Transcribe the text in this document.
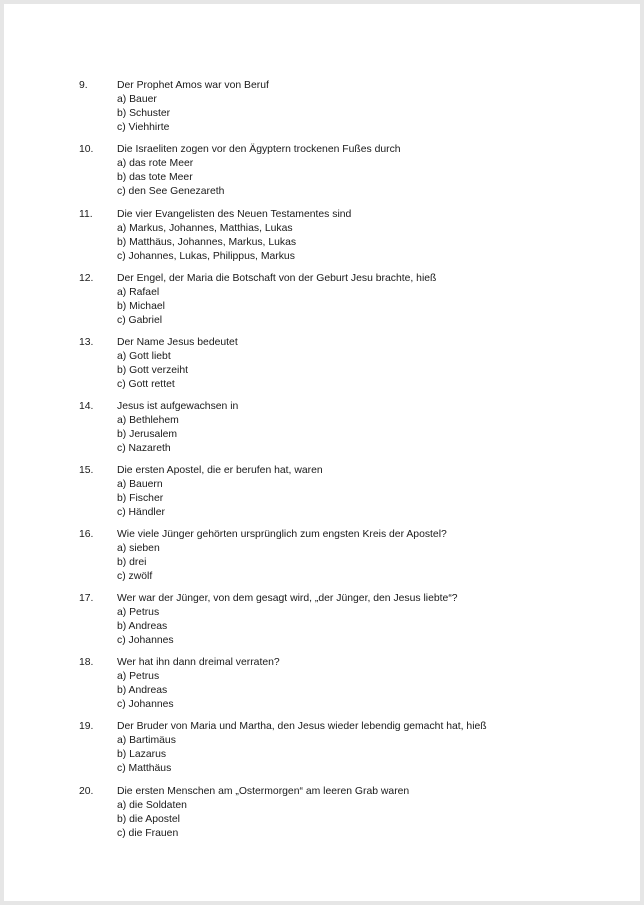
9.	Der Prophet Amos war von Beruf
a) Bauer
b) Schuster
c) Viehhirte
10. Die Israeliten zogen vor den Ägyptern trockenen Fußes durch
a) das rote Meer
b) das tote Meer
c) den See Genezareth
11. Die vier Evangelisten des Neuen Testamentes sind
a) Markus, Johannes, Matthias, Lukas
b) Matthäus, Johannes, Markus, Lukas
c) Johannes, Lukas, Philippus, Markus
12. Der Engel, der Maria die Botschaft von der Geburt Jesu brachte, hieß
a) Rafael
b) Michael
c) Gabriel
13. Der Name Jesus bedeutet
a) Gott liebt
b) Gott verzeiht
c) Gott rettet
14. Jesus ist aufgewachsen in
a) Bethlehem
b) Jerusalem
c) Nazareth
15. Die ersten Apostel, die er berufen hat, waren
a) Bauern
b) Fischer
c) Händler
16. Wie viele Jünger gehörten ursprünglich zum engsten Kreis der Apostel?
a) sieben
b) drei
c) zwölf
17. Wer war der Jünger, von dem gesagt wird, „der Jünger, den Jesus liebte“?
a) Petrus
b) Andreas
c) Johannes
18. Wer hat ihn dann dreimal verraten?
a) Petrus
b) Andreas
c) Johannes
19. Der Bruder von Maria und Martha, den Jesus wieder lebendig gemacht hat, hieß
a) Bartimäus
b) Lazarus
c) Matthäus
20. Die ersten Menschen am „Ostermorgen“ am leeren Grab waren
a) die Soldaten
b) die Apostel
c) die Frauen
